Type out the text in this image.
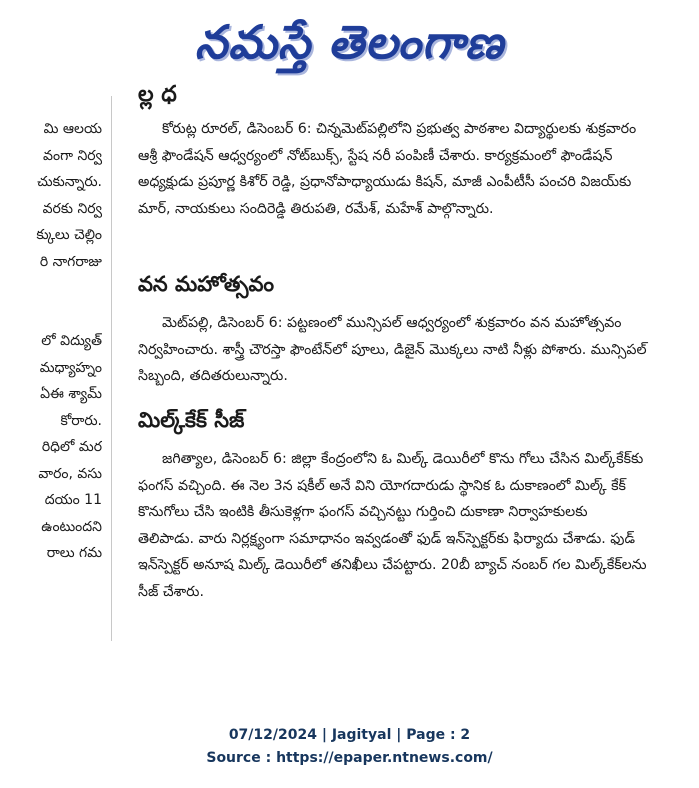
నమస్తే తెలంగాణ
మి ఆలయ
వంగా నిర్వ
చుకున్నారు.
వరకు నిర్వ
క్కులు చెల్లిం
రి నాగరాజు
లో విద్యుత్
మధ్యాహ్నం
ఏఈ శ్యామ్
కోరారు.
రిధిలో మర
వారం, వసు
దయం 11
ఉంటుందని
రాలు గమ
ల్ల ధ
కోరుట్ల రూరల్, డిసెంబర్ 6: చిన్నమెట్‌పల్లిలోని ప్రభుత్వ పాఠశాల విద్యార్థులకు శుక్రవారం ఆశ్రీ ఫౌండేషన్ ఆధ్వర్యంలో నోట్‌బుక్స్, స్టేష నరీ పంపిణీ చేశారు. కార్యక్రమంలో ఫౌండేషన్ అధ్యక్షుడు ప్రపూర్ణ కిశోర్ రెడ్డి, ప్రధానోపాధ్యాయుడు కిషన్, మాజీ ఎంపీటీసీ పంచరి విజయ్‌కు మార్, నాయకులు సందిరెడ్డి తిరుపతి, రమేశ్, మహేశ్ పాల్గొన్నారు.
వన మహోత్సవం
మెట్‌పల్లి, డిసెంబర్ 6: పట్టణంలో మున్సిపల్ ఆధ్వర్యంలో శుక్రవారం వన మహోత్సవం నిర్వహించారు. శాస్త్రీ చౌరస్తా ఫౌంటేన్‌లో పూలు, డిజైన్ మొక్కలు నాటి నీళ్లు పోశారు. మున్సిపల్ సిబ్బంది, తదితరులున్నారు.
మిల్క్‌కేక్ సీజ్
జగిత్యాల, డిసెంబర్ 6: జిల్లా కేంద్రంలోని ఓ మిల్క్ డెయిరీలో కొను గోలు చేసిన మిల్క్‌కేక్‌కు ఫంగస్ వచ్చింది. ఈ నెల 3న షకీల్ అనే విని యోగదారుడు స్థానిక ఓ దుకాణంలో మిల్క్ కేక్ కొనుగోలు చేసి ఇంటికి తీసుకెళ్లగా ఫంగస్ వచ్చినట్టు గుర్తించి దుకాణా నిర్వాహకులకు తెలిపాడు. వారు నిర్లక్ష్యంగా సమాధానం ఇవ్వడంతో ఫుడ్ ఇన్‌స్పెక్టర్‌కు ఫిర్యాదు చేశాడు. ఫుడ్ ఇన్‌స్పెక్టర్ అనూష మిల్క్ డెయిరీలో తనిఖీలు చేపట్టారు. 20బీ బ్యాచ్ నంబర్ గల మిల్క్‌కేక్‌లను సీజ్ చేశారు.
07/12/2024 | Jagityal | Page : 2
Source : https://epaper.ntnews.com/
